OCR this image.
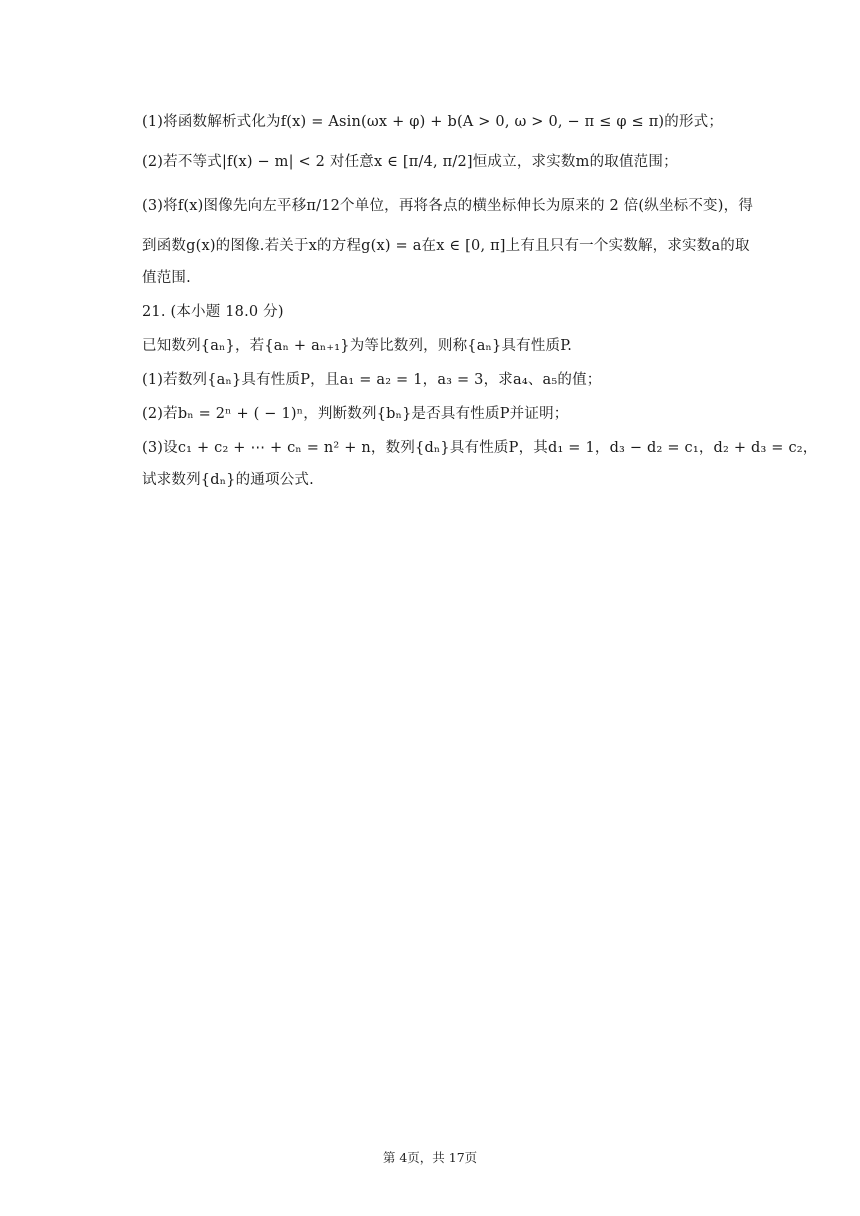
(1)将函数解析式化为f(x) = Asin(ωx + φ) + b(A > 0, ω > 0, − π ≤ φ ≤ π)的形式；
(2)若不等式|f(x) − m| < 2 对任意x ∈ [π/4, π/2]恒成立，求实数m的取值范围；
(3)将f(x)图像先向左平移π/12个单位，再将各点的横坐标伸长为原来的 2 倍(纵坐标不变)，得
到函数g(x)的图像.若关于x的方程g(x) = a在x ∈ [0, π]上有且只有一个实数解，求实数a的取
值范围.
21. (本小题 18.0 分)
已知数列{aₙ}，若{aₙ + aₙ₊₁}为等比数列，则称{aₙ}具有性质P.
(1)若数列{aₙ}具有性质P，且a₁ = a₂ = 1，a₃ = 3，求a₄、a₅的值；
(2)若bₙ = 2ⁿ + ( − 1)ⁿ，判断数列{bₙ}是否具有性质P并证明；
(3)设c₁ + c₂ + ⋯ + cₙ = n² + n，数列{dₙ}具有性质P，其d₁ = 1，d₃ − d₂ = c₁，d₂ + d₃ = c₂，
试求数列{dₙ}的通项公式.
第 4页，共 17页
